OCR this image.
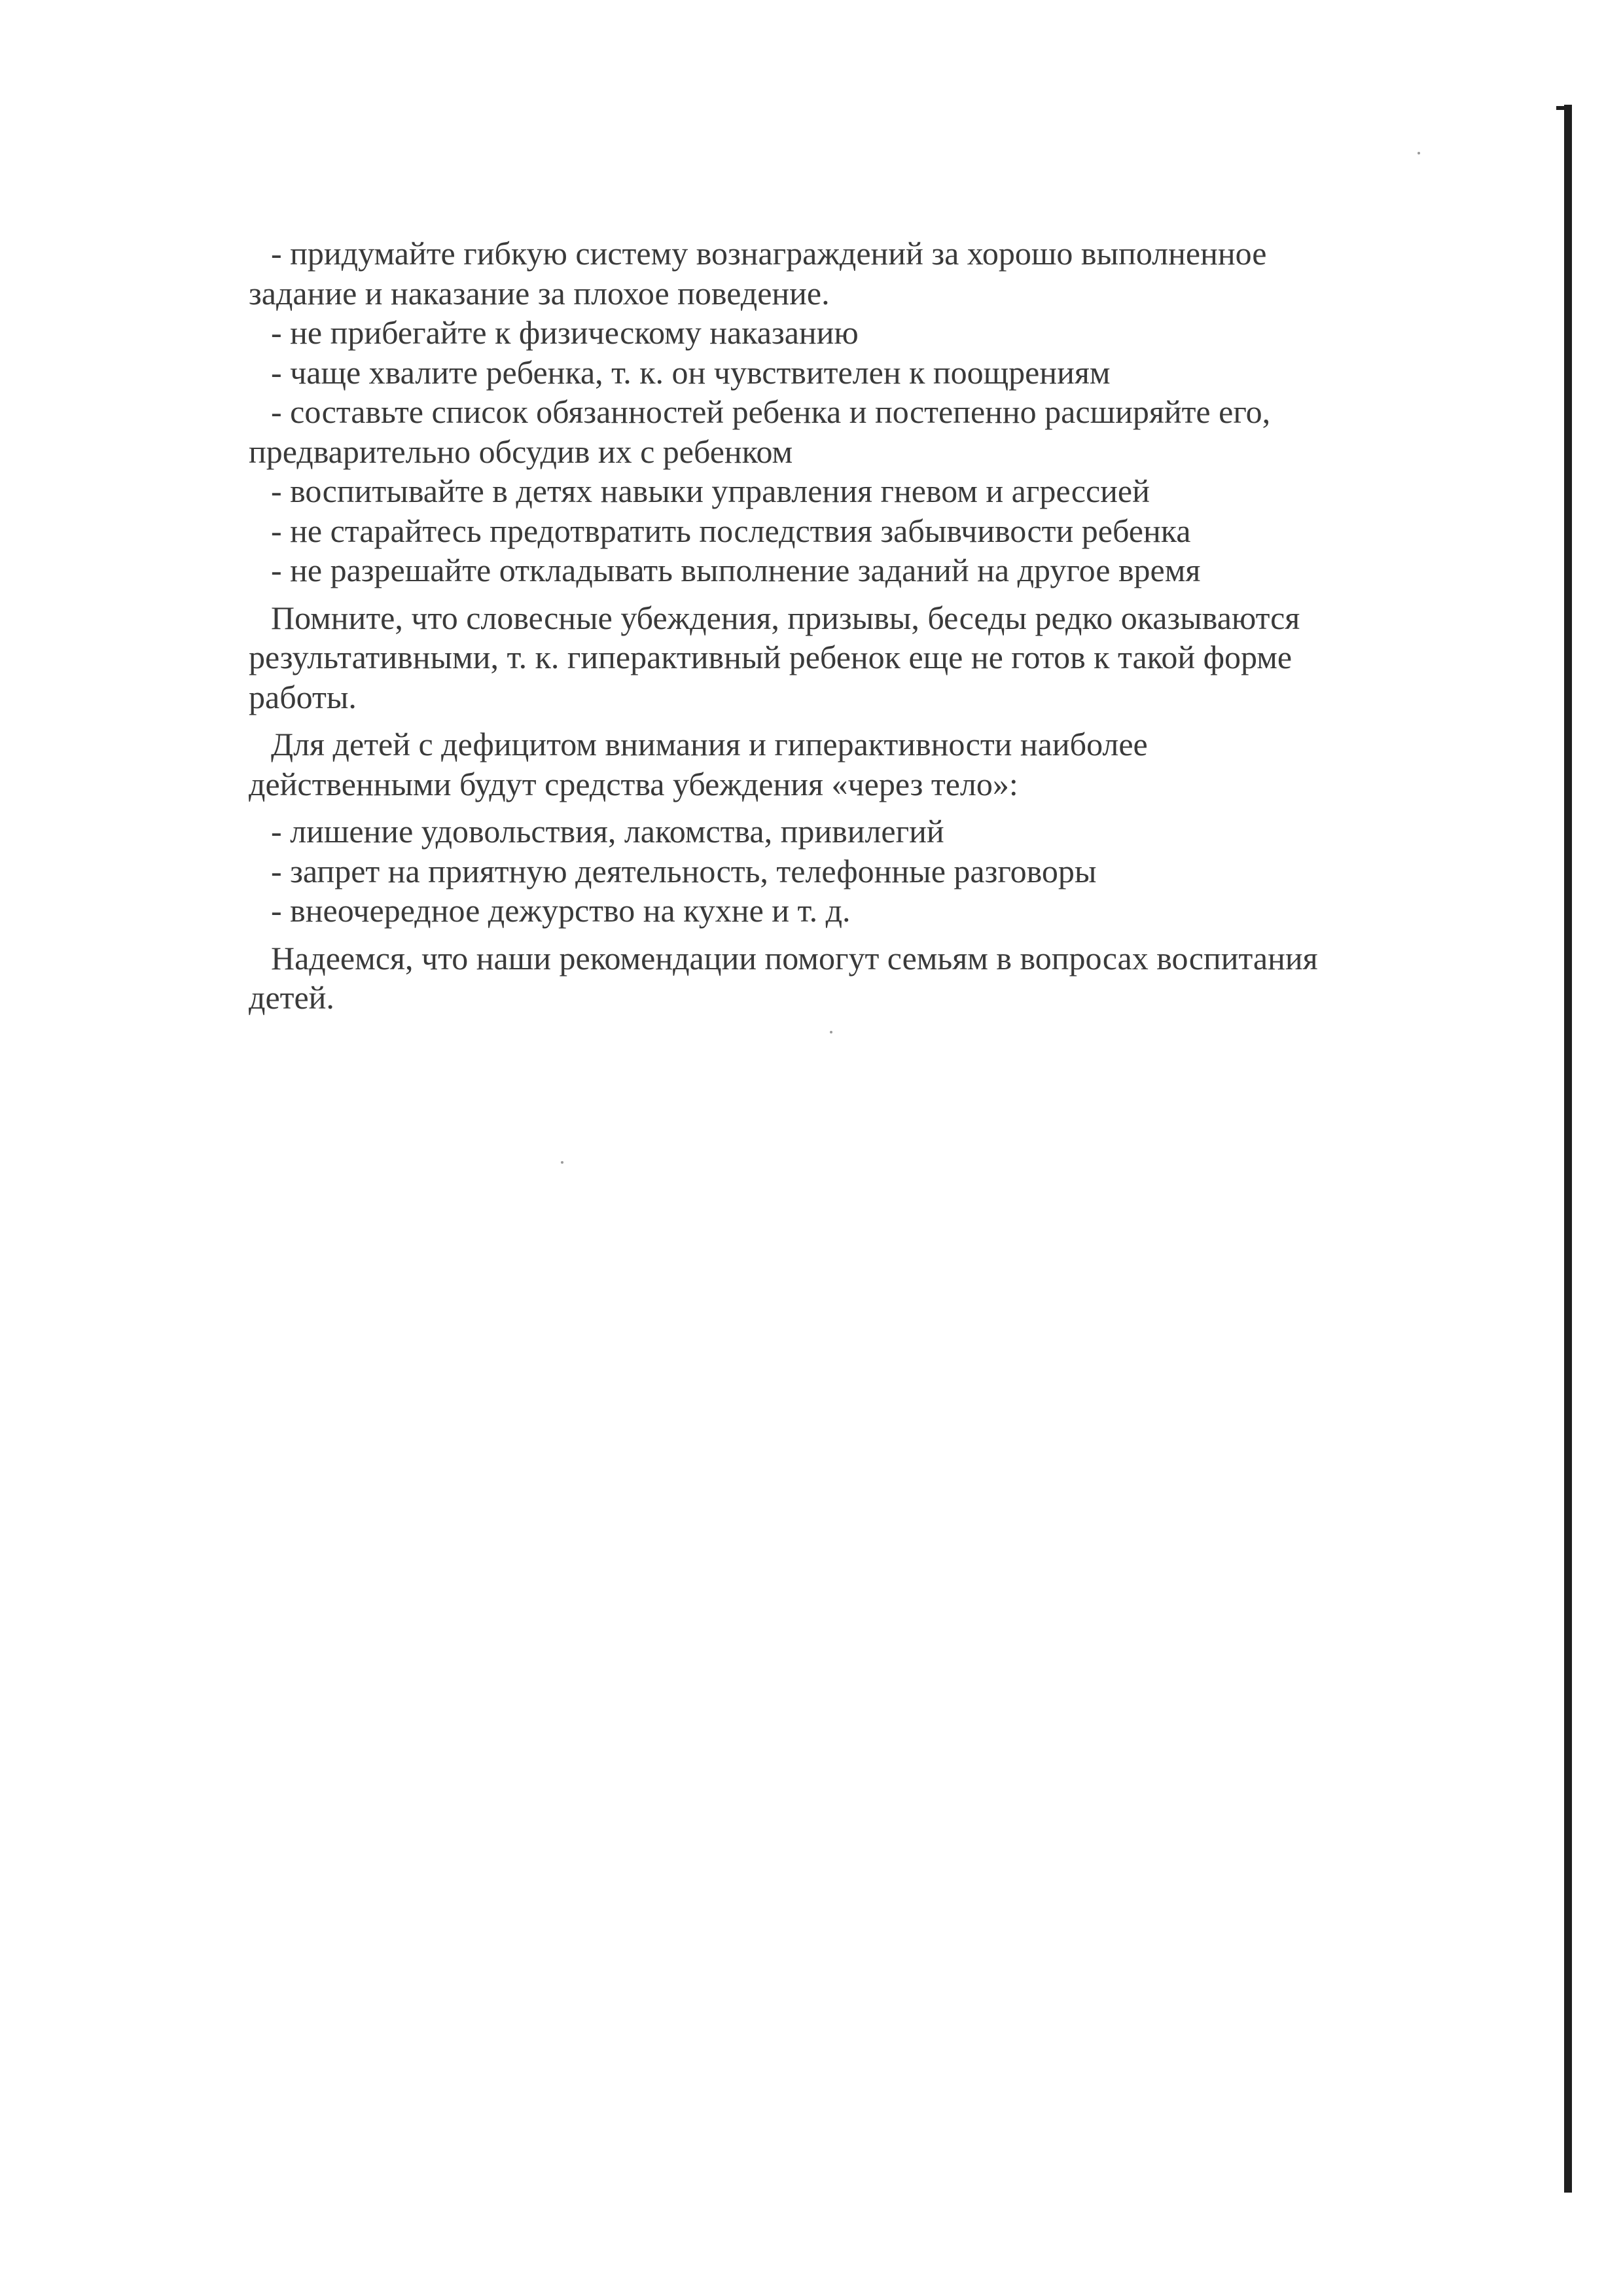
- придумайте гибкую систему вознаграждений за хорошо выполненное
задание и наказание за плохое поведение.
- не прибегайте к физическому наказанию
- чаще хвалите ребенка, т. к. он чувствителен к поощрениям
- составьте список обязанностей ребенка и постепенно расширяйте его,
предварительно обсудив их с ребенком
- воспитывайте в детях навыки управления гневом и агрессией
- не старайтесь предотвратить последствия забывчивости ребенка
- не разрешайте откладывать выполнение заданий на другое время
Помните, что словесные убеждения, призывы, беседы редко оказываются
результативными, т. к. гиперактивный ребенок еще не готов к такой форме
работы.
Для детей с дефицитом внимания и гиперактивности наиболее
действенными будут средства убеждения «через тело»:
- лишение удовольствия, лакомства, привилегий
- запрет на приятную деятельность, телефонные разговоры
- внеочередное дежурство на кухне и т. д.
Надеемся, что наши рекомендации помогут семьям в вопросах воспитания
детей.
